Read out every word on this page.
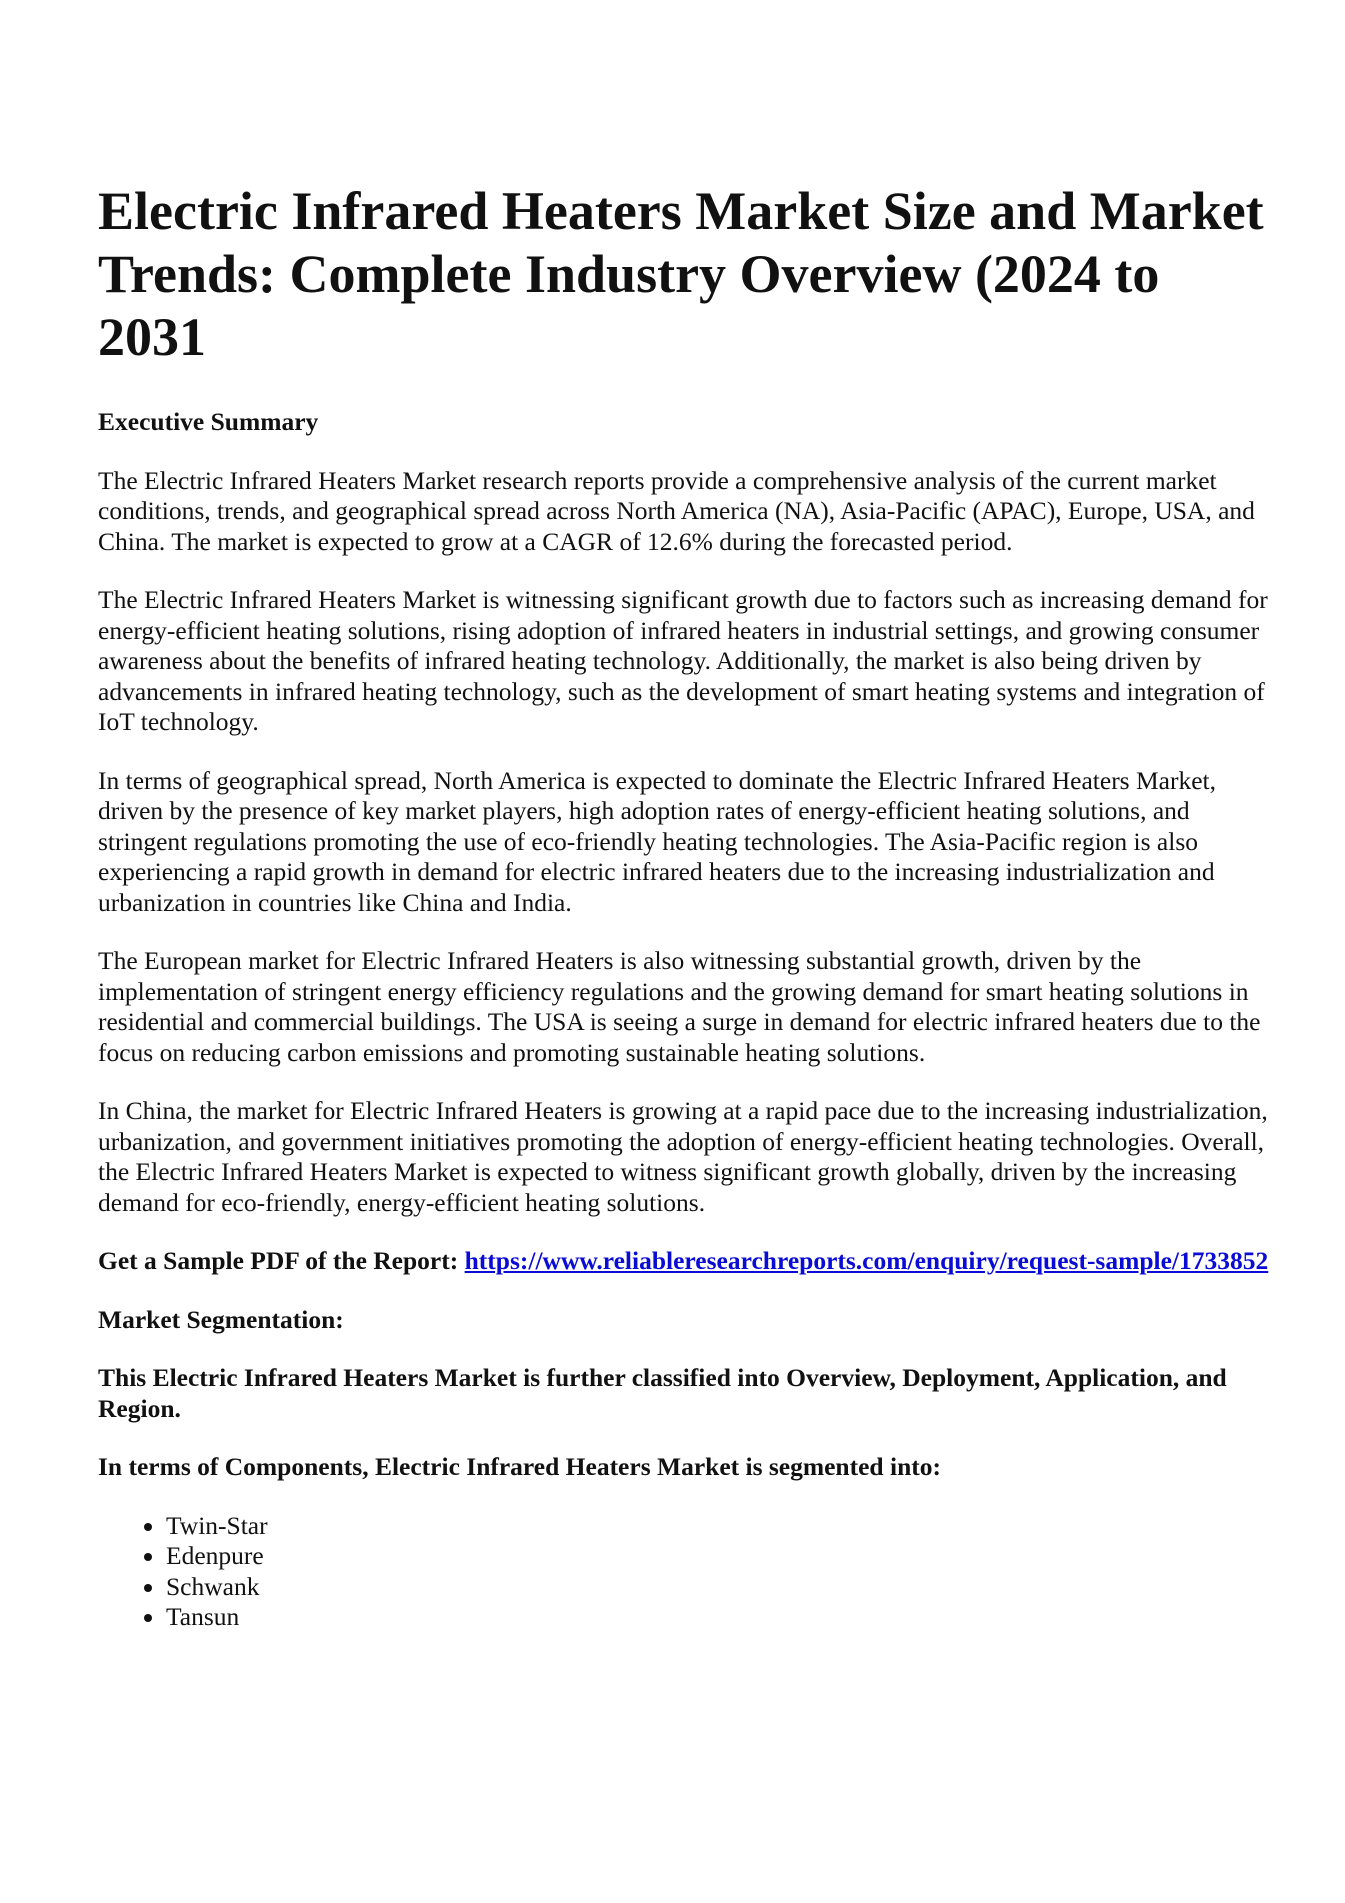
Electric Infrared Heaters Market Size and Market Trends: Complete Industry Overview (2024 to 2031

Executive Summary

The Electric Infrared Heaters Market research reports provide a comprehensive analysis of the current market conditions, trends, and geographical spread across North America (NA), Asia-Pacific (APAC), Europe, USA, and China. The market is expected to grow at a CAGR of 12.6% during the forecasted period.

The Electric Infrared Heaters Market is witnessing significant growth due to factors such as increasing demand for energy-efficient heating solutions, rising adoption of infrared heaters in industrial settings, and growing consumer awareness about the benefits of infrared heating technology. Additionally, the market is also being driven by advancements in infrared heating technology, such as the development of smart heating systems and integration of IoT technology.

In terms of geographical spread, North America is expected to dominate the Electric Infrared Heaters Market, driven by the presence of key market players, high adoption rates of energy-efficient heating solutions, and stringent regulations promoting the use of eco-friendly heating technologies. The Asia-Pacific region is also experiencing a rapid growth in demand for electric infrared heaters due to the increasing industrialization and urbanization in countries like China and India.

The European market for Electric Infrared Heaters is also witnessing substantial growth, driven by the implementation of stringent energy efficiency regulations and the growing demand for smart heating solutions in residential and commercial buildings. The USA is seeing a surge in demand for electric infrared heaters due to the focus on reducing carbon emissions and promoting sustainable heating solutions.

In China, the market for Electric Infrared Heaters is growing at a rapid pace due to the increasing industrialization, urbanization, and government initiatives promoting the adoption of energy-efficient heating technologies. Overall, the Electric Infrared Heaters Market is expected to witness significant growth globally, driven by the increasing demand for eco-friendly, energy-efficient heating solutions.

Get a Sample PDF of the Report: https://www.reliableresearchreports.com/enquiry/request-sample/1733852

Market Segmentation:

This Electric Infrared Heaters Market is further classified into Overview, Deployment, Application, and Region.

In terms of Components, Electric Infrared Heaters Market is segmented into:

• Twin-Star
• Edenpure
• Schwank
• Tansun
